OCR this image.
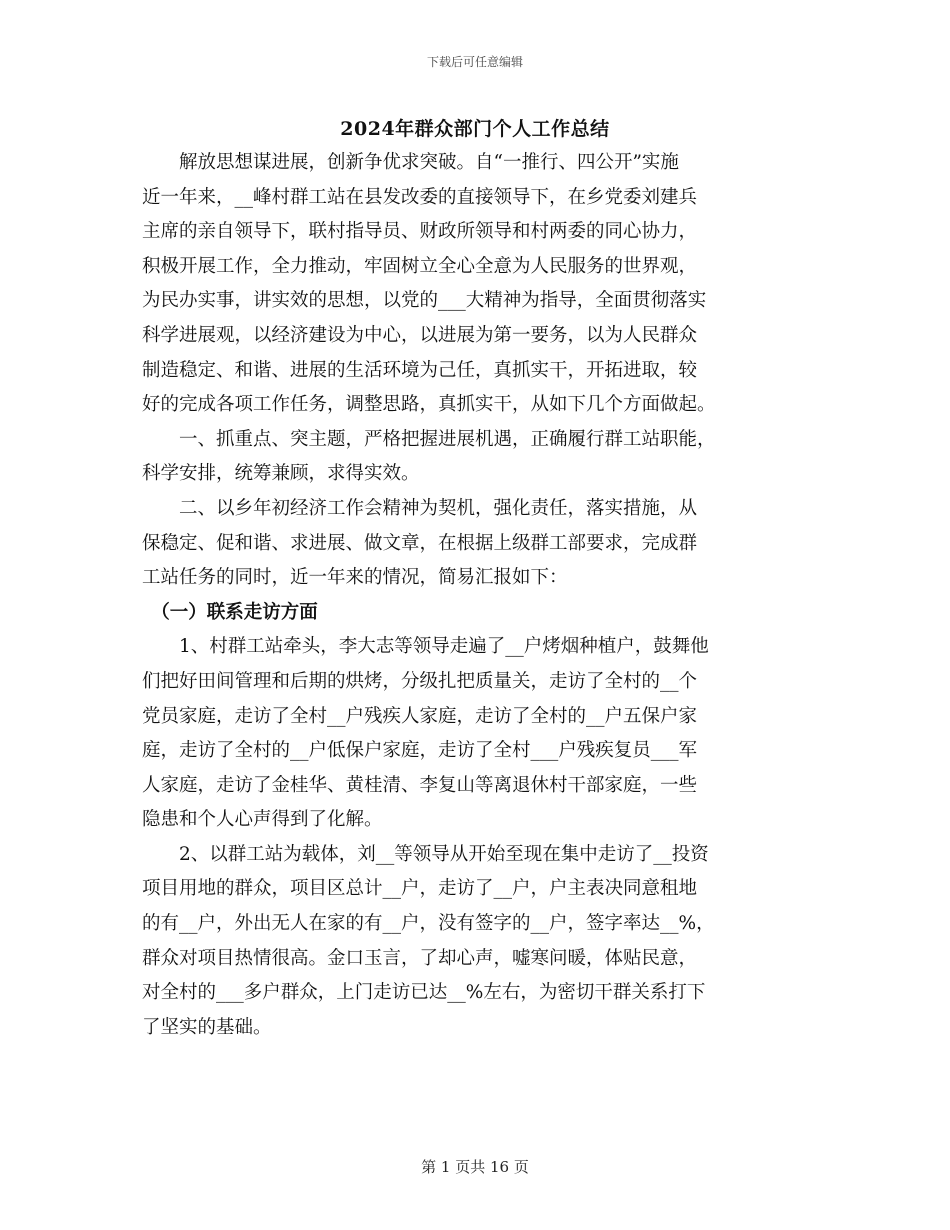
下载后可任意编辑
2024年群众部门个人工作总结

　　解放思想谋进展，创新争优求突破。自“一推行、四公开”实施

近一年来，__峰村群工站在县发改委的直接领导下，在乡党委刘建兵

主席的亲自领导下，联村指导员、财政所领导和村两委的同心协力，

积极开展工作，全力推动，牢固树立全心全意为人民服务的世界观，

为民办实事，讲实效的思想，以党的___大精神为指导，全面贯彻落实

科学进展观，以经济建设为中心，以进展为第一要务，以为人民群众

制造稳定、和谐、进展的生活环境为己任，真抓实干，开拓进取，较

好的完成各项工作任务，调整思路，真抓实干，从如下几个方面做起。

　　一、抓重点、突主题，严格把握进展机遇，正确履行群工站职能，

科学安排，统筹兼顾，求得实效。

　　二、以乡年初经济工作会精神为契机，强化责任，落实措施，从

保稳定、促和谐、求进展、做文章，在根据上级群工部要求，完成群

工站任务的同时，近一年来的情况，简易汇报如下：

　（一）联系走访方面

　　1、村群工站牵头，李大志等领导走遍了__户烤烟种植户，鼓舞他

们把好田间管理和后期的烘烤，分级扎把质量关，走访了全村的__个

党员家庭，走访了全村__户残疾人家庭，走访了全村的__户五保户家

庭，走访了全村的__户低保户家庭，走访了全村___户残疾复员___军

人家庭，走访了金桂华、黄桂清、李复山等离退休村干部家庭，一些

隐患和个人心声得到了化解。

　　2、以群工站为载体，刘__等领导从开始至现在集中走访了__投资

项目用地的群众，项目区总计__户，走访了__户，户主表决同意租地

的有__户，外出无人在家的有__户，没有签字的__户，签字率达__%，

群众对项目热情很高。金口玉言，了却心声，嘘寒问暖，体贴民意，

对全村的___多户群众，上门走访已达__%左右，为密切干群关系打下

了坚实的基础。

第 1 页共 16 页
